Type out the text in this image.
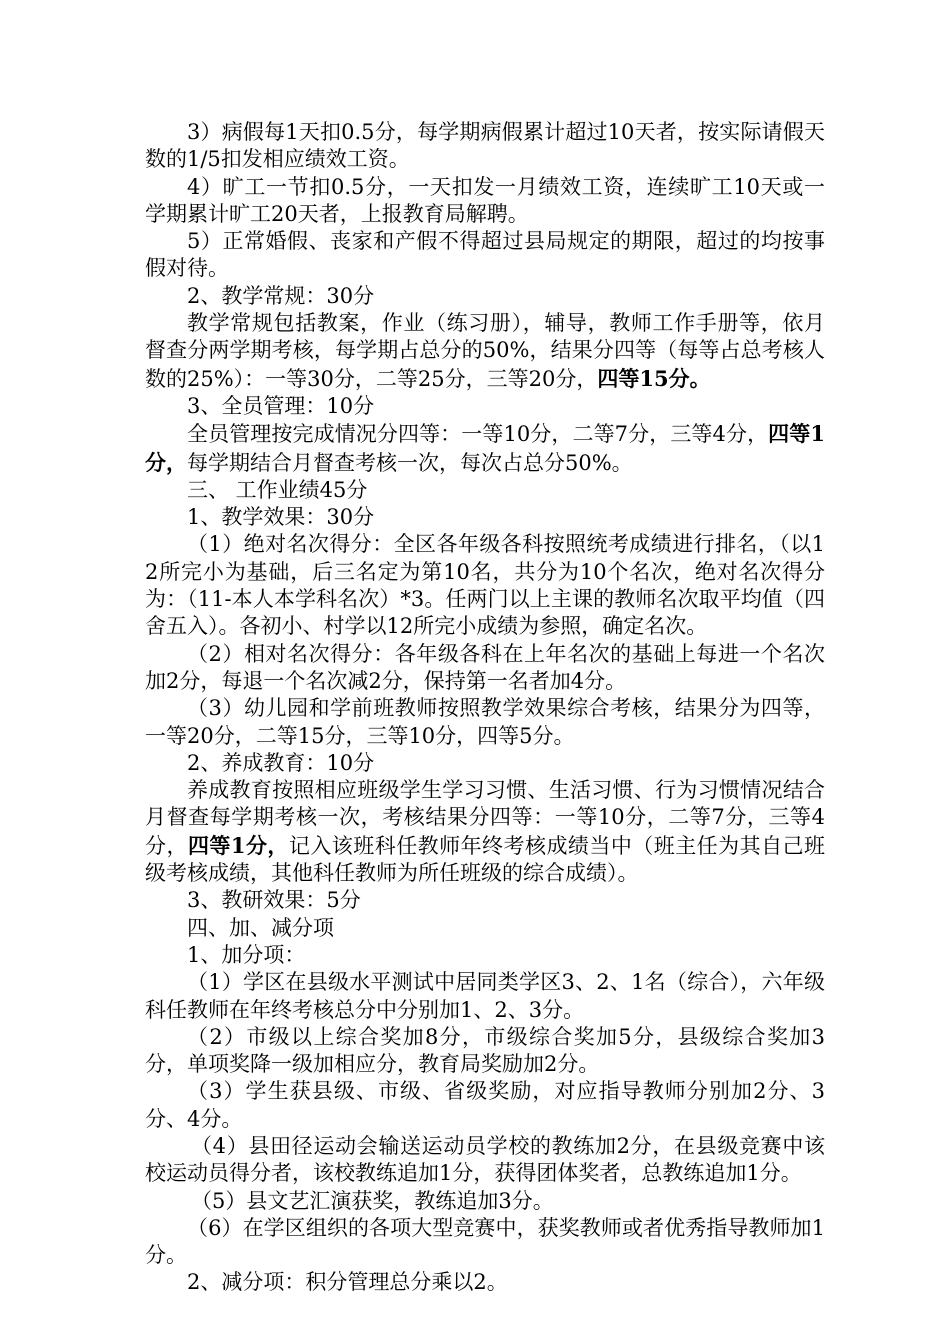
3）病假每1天扣0.5分，每学期病假累计超过10天者，按实际请假天数的1/5扣发相应绩效工资。

4）旷工一节扣0.5分，一天扣发一月绩效工资，连续旷工10天或一学期累计旷工20天者，上报教育局解聘。

5）正常婚假、丧家和产假不得超过县局规定的期限，超过的均按事假对待。

2、教学常规：30分

教学常规包括教案，作业（练习册），辅导，教师工作手册等，依月督查分两学期考核，每学期占总分的50%，结果分四等（每等占总考核人数的25%）：一等30分，二等25分，三等20分，四等15分。

3、全员管理：10分

全员管理按完成情况分四等：一等10分，二等7分，三等4分，四等1分，每学期结合月督查考核一次，每次占总分50%。

三、 工作业绩45分

1、教学效果：30分

（1）绝对名次得分：全区各年级各科按照统考成绩进行排名，（以12所完小为基础，后三名定为第10名，共分为10个名次，绝对名次得分为：（11-本人本学科名次）*3。任两门以上主课的教师名次取平均值（四舍五入）。各初小、村学以12所完小成绩为参照，确定名次。

（2）相对名次得分：各年级各科在上年名次的基础上每进一个名次加2分，每退一个名次减2分，保持第一名者加4分。

（3）幼儿园和学前班教师按照教学效果综合考核，结果分为四等，一等20分，二等15分，三等10分，四等5分。

2、养成教育：10分

养成教育按照相应班级学生学习习惯、生活习惯、行为习惯情况结合月督查每学期考核一次，考核结果分四等：一等10分，二等7分，三等4分，四等1分，记入该班科任教师年终考核成绩当中（班主任为其自己班级考核成绩，其他科任教师为所任班级的综合成绩）。

3、教研效果：5分

四、加、减分项

1、加分项：

（1）学区在县级水平测试中居同类学区3、2、1名（综合），六年级科任教师在年终考核总分中分别加1、2、3分。

（2）市级以上综合奖加8分，市级综合奖加5分，县级综合奖加3分，单项奖降一级加相应分，教育局奖励加2分。

（3）学生获县级、市级、省级奖励，对应指导教师分别加2分、3分、4分。

（4）县田径运动会输送运动员学校的教练加2分，在县级竞赛中该校运动员得分者，该校教练追加1分，获得团体奖者，总教练追加1分。

（5）县文艺汇演获奖，教练追加3分。

（6）在学区组织的各项大型竞赛中，获奖教师或者优秀指导教师加1分。

2、减分项：积分管理总分乘以2。
